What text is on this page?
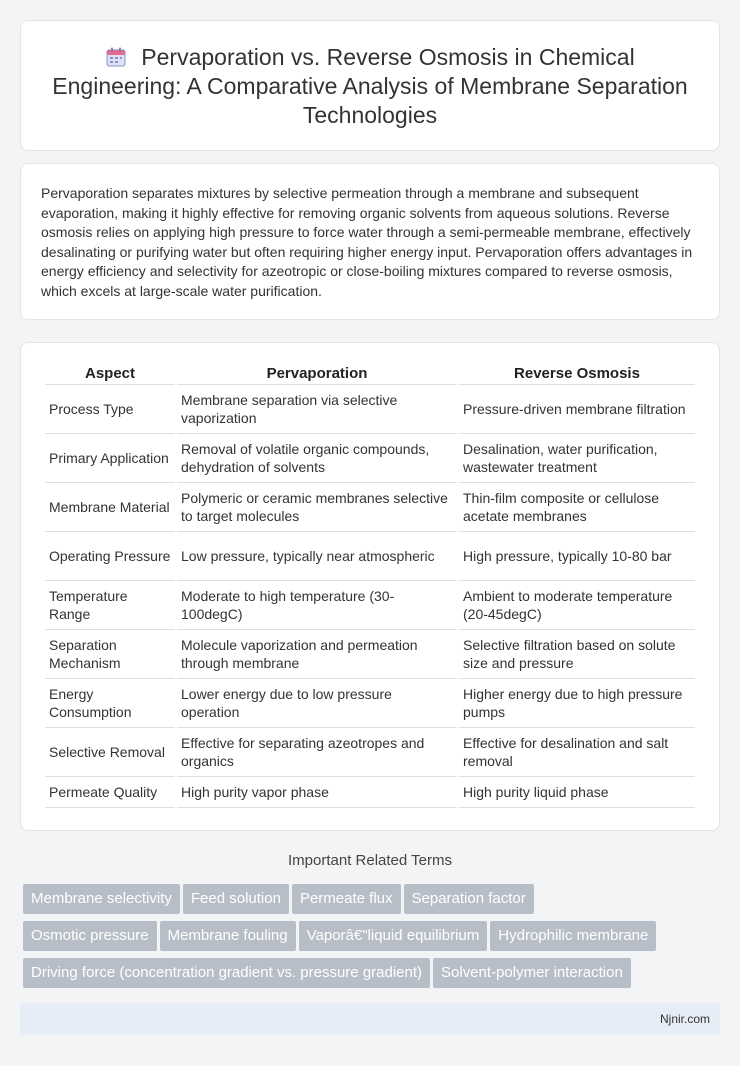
Pervaporation vs. Reverse Osmosis in Chemical Engineering: A Comparative Analysis of Membrane Separation Technologies

Pervaporation separates mixtures by selective permeation through a membrane and subsequent evaporation, making it highly effective for removing organic solvents from aqueous solutions. Reverse osmosis relies on applying high pressure to force water through a semi-permeable membrane, effectively desalinating or purifying water but often requiring higher energy input. Pervaporation offers advantages in energy efficiency and selectivity for azeotropic or close-boiling mixtures compared to reverse osmosis, which excels at large-scale water purification.

Aspect	Pervaporation	Reverse Osmosis
Process Type	Membrane separation via selective vaporization	Pressure-driven membrane filtration
Primary Application	Removal of volatile organic compounds, dehydration of solvents	Desalination, water purification, wastewater treatment
Membrane Material	Polymeric or ceramic membranes selective to target molecules	Thin-film composite or cellulose acetate membranes
Operating Pressure	Low pressure, typically near atmospheric	High pressure, typically 10-80 bar
Temperature Range	Moderate to high temperature (30-100degC)	Ambient to moderate temperature (20-45degC)
Separation Mechanism	Molecule vaporization and permeation through membrane	Selective filtration based on solute size and pressure
Energy Consumption	Lower energy due to low pressure operation	Higher energy due to high pressure pumps
Selective Removal	Effective for separating azeotropes and organics	Effective for desalination and salt removal
Permeate Quality	High purity vapor phase	High purity liquid phase
Important Related Terms
Membrane selectivity Feed solution Permeate flux Separation factor
Osmotic pressure Membrane fouling Vaporâ€"liquid equilibrium Hydrophilic membrane
Driving force (concentration gradient vs. pressure gradient) Solvent-polymer interaction
Njnir.com
